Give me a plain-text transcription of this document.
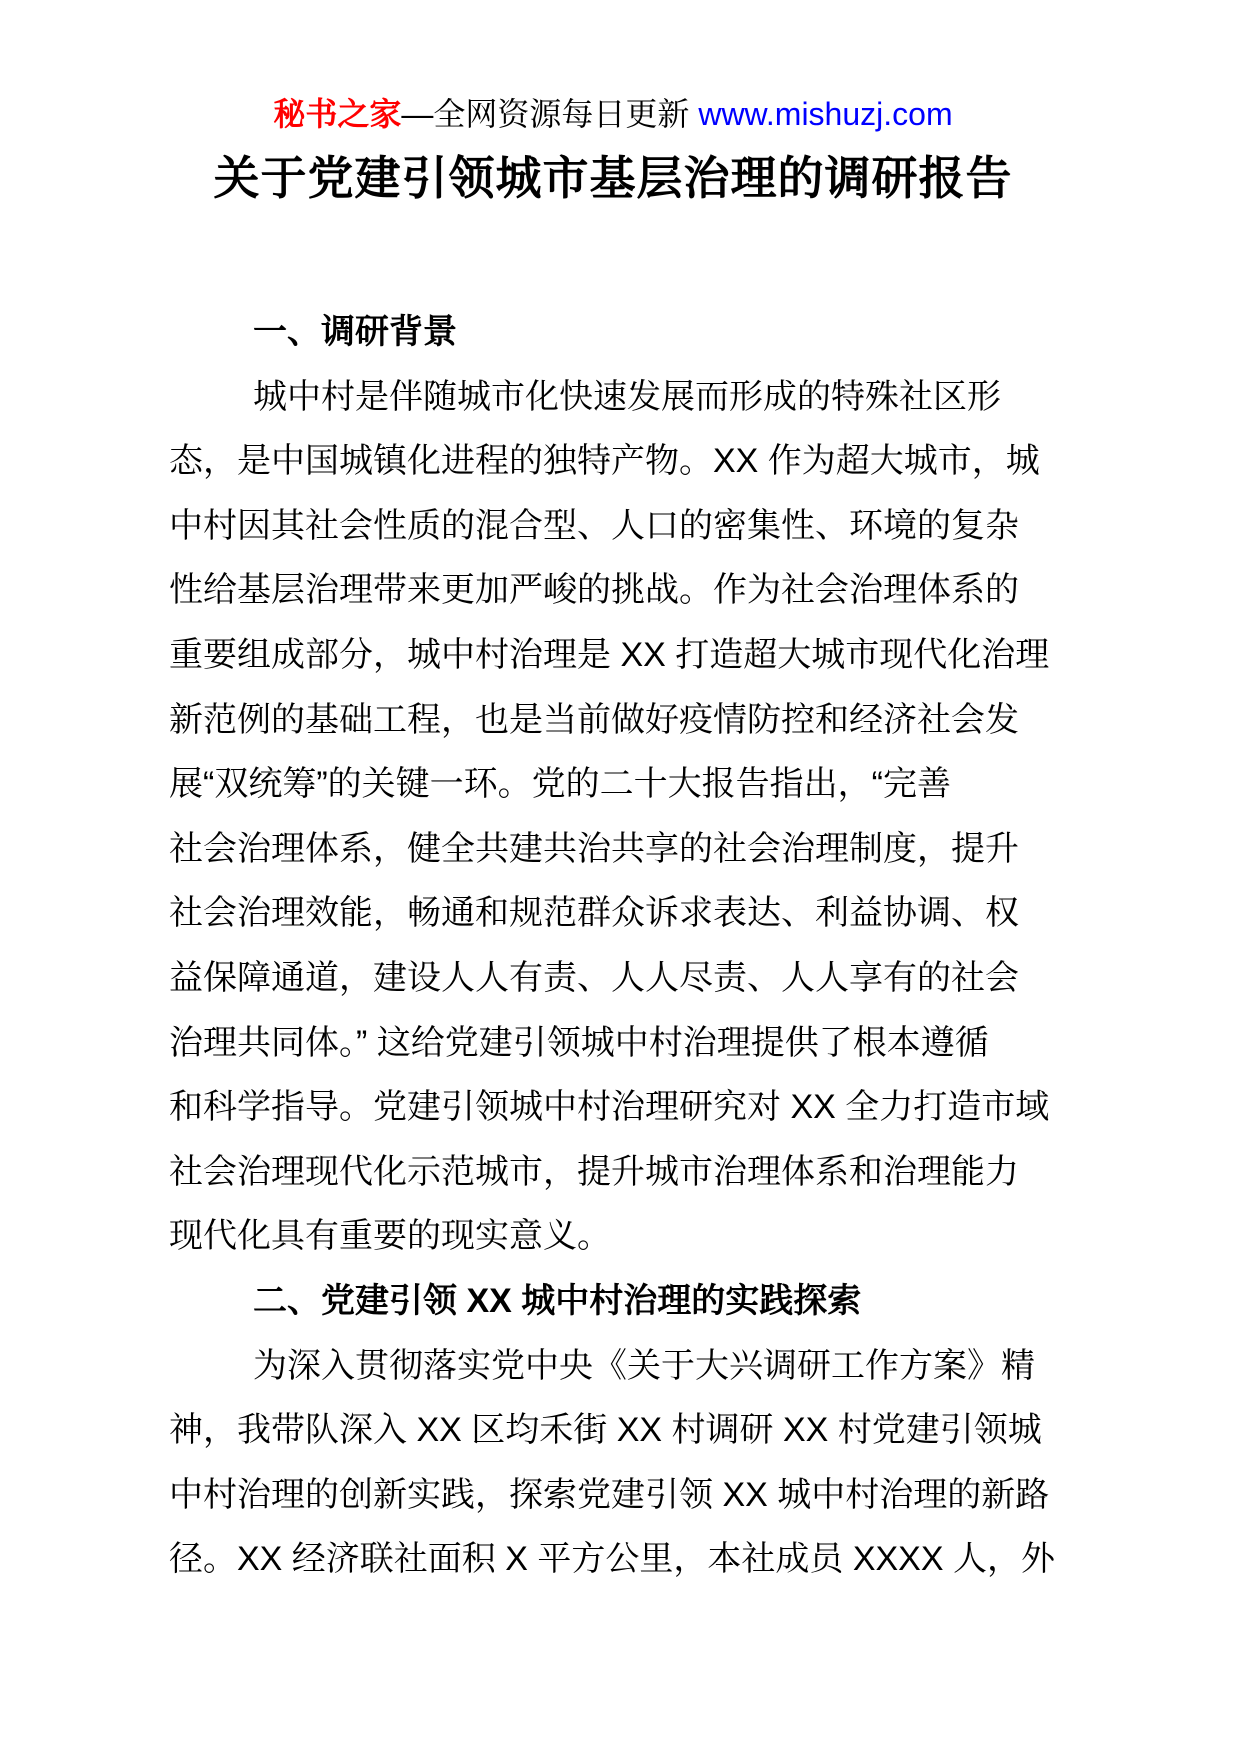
秘书之家—全网资源每日更新 www.mishuzj.com
关于党建引领城市基层治理的调研报告
一、调研背景
城中村是伴随城市化快速发展而形成的特殊社区形
态，是中国城镇化进程的独特产物。XX 作为超大城市，城
中村因其社会性质的混合型、人口的密集性、环境的复杂
性给基层治理带来更加严峻的挑战。作为社会治理体系的
重要组成部分，城中村治理是 XX 打造超大城市现代化治理
新范例的基础工程，也是当前做好疫情防控和经济社会发
展“双统筹”的关键一环。党的二十大报告指出，“完善
社会治理体系，健全共建共治共享的社会治理制度，提升
社会治理效能，畅通和规范群众诉求表达、利益协调、权
益保障通道，建设人人有责、人人尽责、人人享有的社会
治理共同体。” 这给党建引领城中村治理提供了根本遵循
和科学指导。党建引领城中村治理研究对 XX 全力打造市域
社会治理现代化示范城市，提升城市治理体系和治理能力
现代化具有重要的现实意义。
二、党建引领 XX 城中村治理的实践探索
为深入贯彻落实党中央《关于大兴调研工作方案》精
神，我带队深入 XX 区均禾街 XX 村调研 XX 村党建引领城
中村治理的创新实践，探索党建引领 XX 城中村治理的新路
径。XX 经济联社面积 X 平方公里，本社成员 XXXX 人，外
